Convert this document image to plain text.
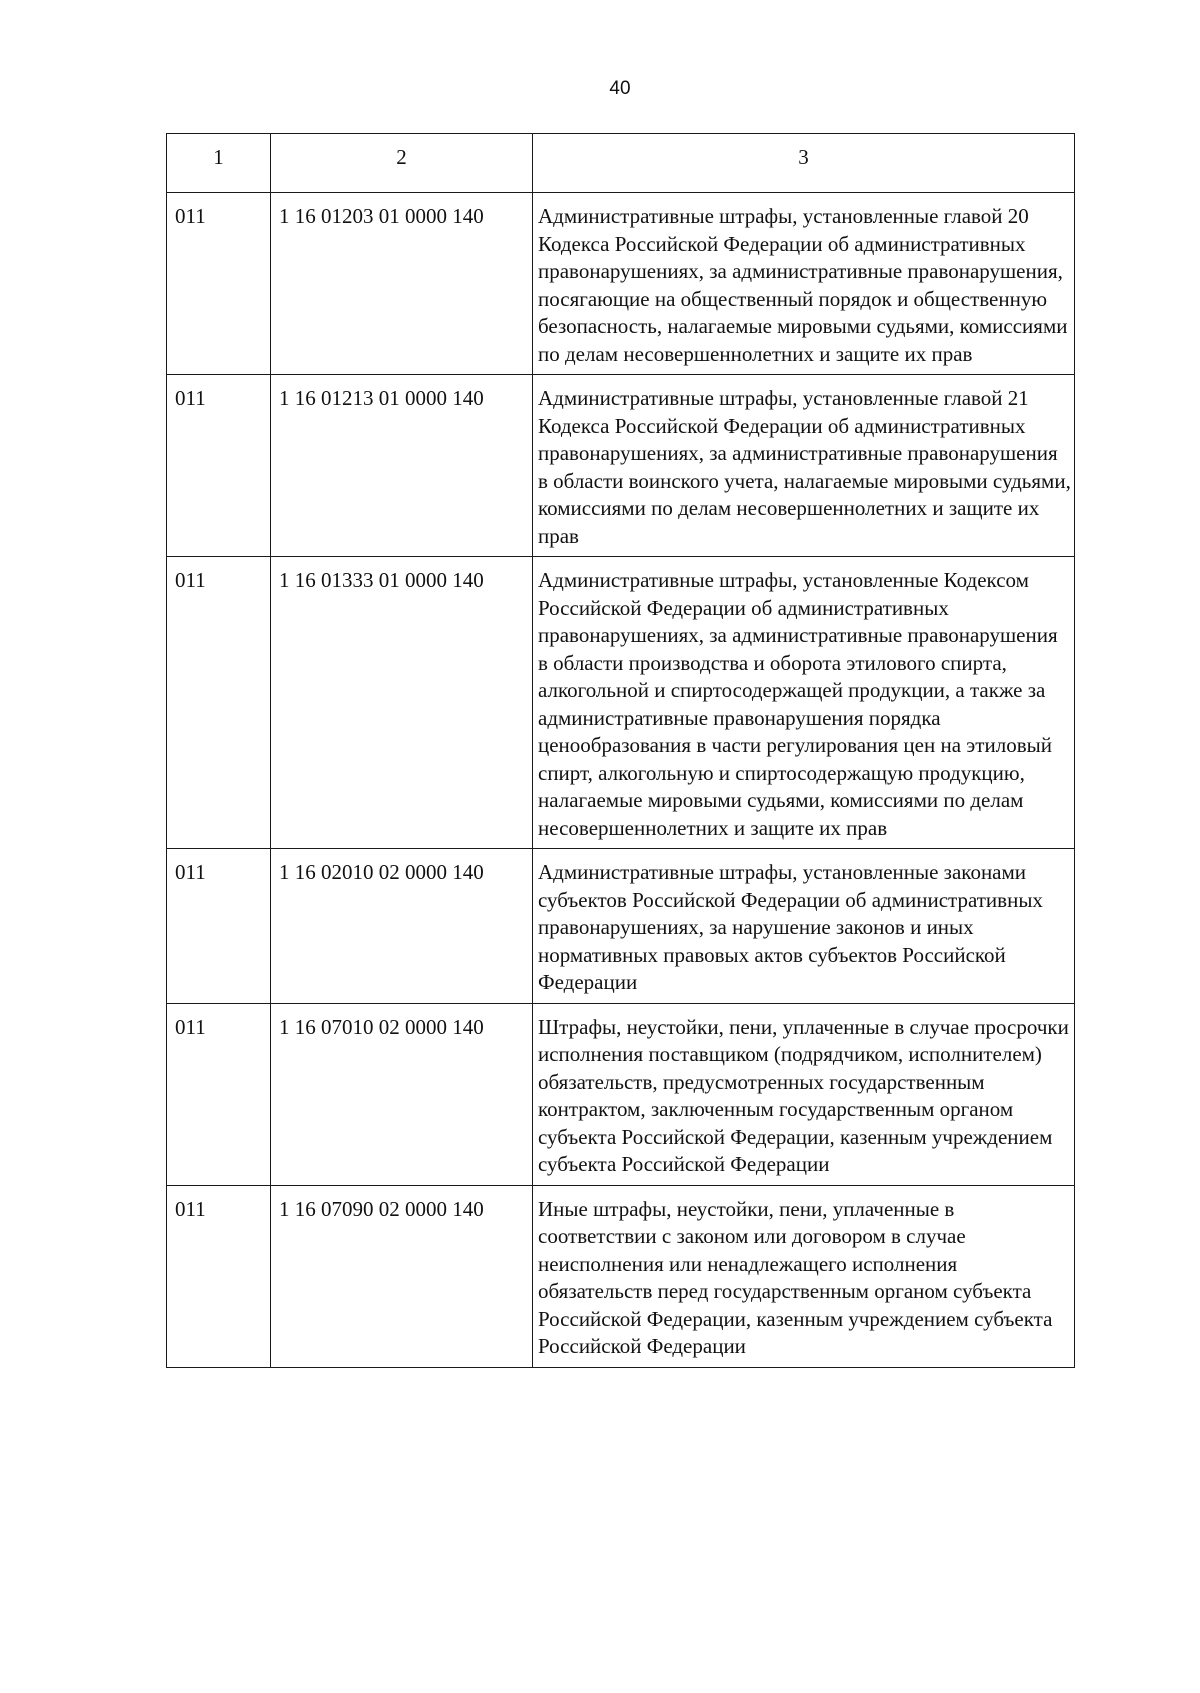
40
1	2	3
011	1 16 01203 01 0000 140	Административные штрафы, установленные главой 20 Кодекса Российской Федерации об административных правонарушениях, за административные правонарушения, посягающие на общественный порядок и общественную безопасность, налагаемые мировыми судьями, комиссиями по делам несовершеннолетних и защите их прав
011	1 16 01213 01 0000 140	Административные штрафы, установленные главой 21 Кодекса Российской Федерации об административных правонарушениях, за административные правонарушения в области воинского учета, налагаемые мировыми судьями, комиссиями по делам несовершеннолетних и защите их прав
011	1 16 01333 01 0000 140	Административные штрафы, установленные Кодексом Российской Федерации об административных правонарушениях, за административные правонарушения в области производства и оборота этилового спирта, алкогольной и спиртосодержащей продукции, а также за административные правонарушения порядка ценообразования в части регулирования цен на этиловый спирт, алкогольную и спиртосодержащую продукцию, налагаемые мировыми судьями, комиссиями по делам несовершеннолетних и защите их прав
011	1 16 02010 02 0000 140	Административные штрафы, установленные законами субъектов Российской Федерации об административных правонарушениях, за нарушение законов и иных нормативных правовых актов субъектов Российской Федерации
011	1 16 07010 02 0000 140	Штрафы, неустойки, пени, уплаченные в случае просрочки исполнения поставщиком (подрядчиком, исполнителем) обязательств, предусмотренных государственным контрактом, заключенным государственным органом субъекта Российской Федерации, казенным учреждением субъекта Российской Федерации
011	1 16 07090 02 0000 140	Иные штрафы, неустойки, пени, уплаченные в соответствии с законом или договором в случае неисполнения или ненадлежащего исполнения обязательств перед государственным органом субъекта Российской Федерации, казенным учреждением субъекта Российской Федерации
